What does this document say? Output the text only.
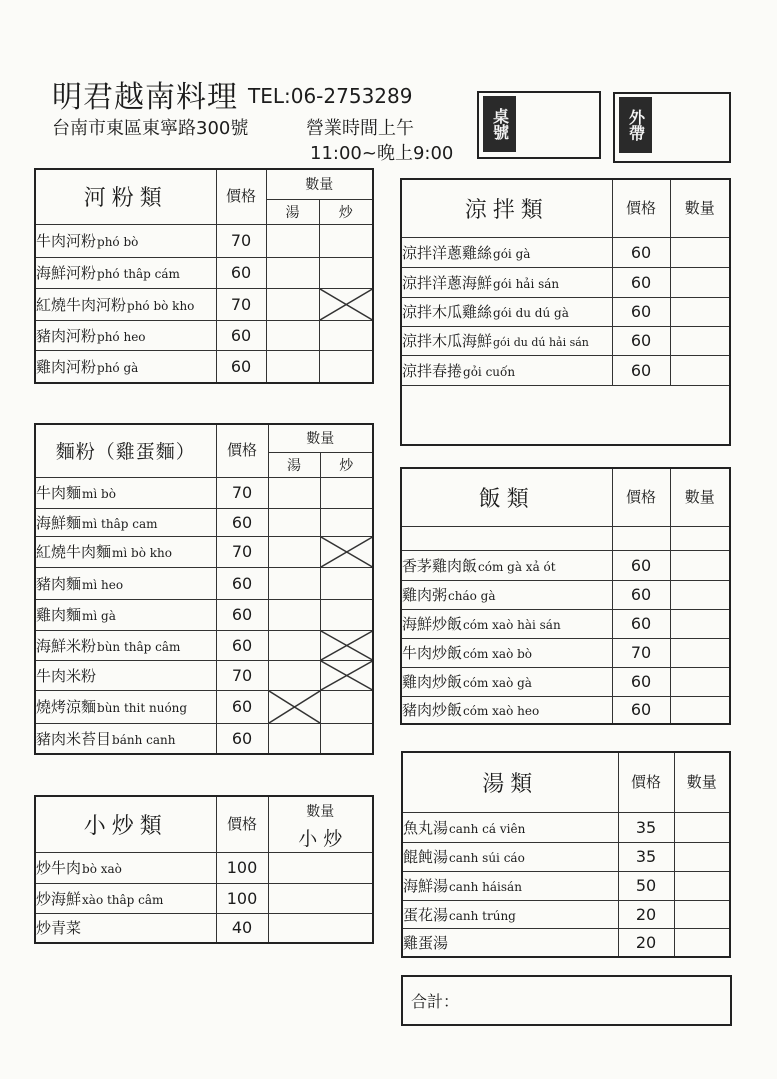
明君越南料理 TEL:06-2753289
台南市東區東寧路300號	營業時間上午
11:00~晚上9:00
桌號	外帶
河粉類	價格	數量	
		湯	炒
牛肉河粉phó bò	70		
海鮮河粉phó thâp cám	60		
紅燒牛肉河粉phó bò kho	70		

豬肉河粉phó heo	60		
雞肉河粉phó gà	60		
麵粉（雞蛋麵）	價格	數量	
		湯	炒
牛肉麵mì bò	70		
海鮮麵mì thâp cam	60		
紅燒牛肉麵mì bò kho	70		

豬肉麵mì heo	60		
雞肉麵mì gà	60		
海鮮米粉bùn thâp câm	60		

牛肉米粉	70		

燒烤涼麵bùn thit nuóng	60	

豬肉米苔目bánh canh	60		
小炒類	價格	數量
		小 炒
炒牛肉bò xaò	100	
炒海鮮xào thâp câm	100	
炒青菜	40	
涼拌類	價格	數量
涼拌洋蔥雞絲gói gà	60	
涼拌洋蔥海鮮gói hải sán	60	
涼拌木瓜雞絲gói du dú gà	60	
涼拌木瓜海鮮gói du dú hải sán	60	
涼拌春捲gỏi cuốn	60	

飯類	價格	數量

香茅雞肉飯cóm gà xả ót	60	
雞肉粥cháo gà	60	
海鮮炒飯cóm xaò hài sán	60	
牛肉炒飯cóm xaò bò	70	
雞肉炒飯cóm xaò gà	60	
豬肉炒飯cóm xaò heo	60	
湯類	價格	數量
魚丸湯canh cá viên	35	
餛飩湯canh súi cáo	35	
海鮮湯canh háisán	50	
蛋花湯canh trúng	20	
雞蛋湯	20	
合計：
